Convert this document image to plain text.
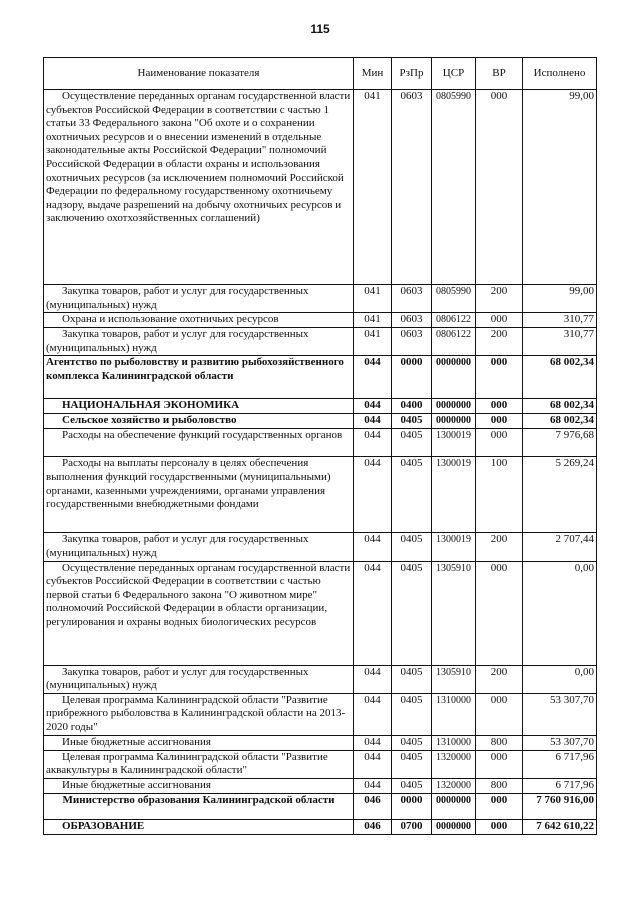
115
Наименование показателя	Мин	РзПр	ЦСР	ВР	Исполнено
Осуществление переданных органам государственной власти субъектов Российской Федерации в соответствии с частью 1 статьи 33 Федерального закона "Об охоте и о сохранении охотничьих ресурсов и о внесении изменений в отдельные законодательные акты Российской Федерации" полномочий Российской Федерации в области охраны и использования охотничьих ресурсов (за исключением полномочий Российской Федерации по федеральному государственному охотничьему надзору, выдаче разрешений на добычу охотничьих ресурсов и заключению охотхозяйственных соглашений)	041	0603	0805990	000	99,00
Закупка товаров, работ и услуг для государственных (муниципальных) нужд	041	0603	0805990	200	99,00
Охрана и использование охотничьих ресурсов	041	0603	0806122	000	310,77
Закупка товаров, работ и услуг для государственных (муниципальных) нужд	041	0603	0806122	200	310,77
Агентство по рыболовству и развитию рыбохозяйственного комплекса Калининградской области	044	0000	0000000	000	68 002,34
НАЦИОНАЛЬНАЯ ЭКОНОМИКА	044	0400	0000000	000	68 002,34
Сельское хозяйство и рыболовство	044	0405	0000000	000	68 002,34
Расходы на обеспечение функций государственных органов	044	0405	1300019	000	7 976,68
Расходы на выплаты персоналу в целях обеспечения выполнения функций государственными (муниципальными) органами, казенными учреждениями, органами управления государственными внебюджетными фондами	044	0405	1300019	100	5 269,24
Закупка товаров, работ и услуг для государственных (муниципальных) нужд	044	0405	1300019	200	2 707,44
Осуществление переданных органам государственной власти субъектов Российской Федерации в соответствии с частью первой статьи 6 Федерального закона "О животном мире" полномочий Российской Федерации в области организации, регулирования и охраны водных биологических ресурсов	044	0405	1305910	000	0,00
Закупка товаров, работ и услуг для государственных (муниципальных) нужд	044	0405	1305910	200	0,00
Целевая программа Калининградской области "Развитие прибрежного рыболовства в Калининградской области на 2013-2020 годы"	044	0405	1310000	000	53 307,70
Иные бюджетные ассигнования	044	0405	1310000	800	53 307,70
Целевая программа Калининградской области "Развитие аквакультуры в Калининградской области"	044	0405	1320000	000	6 717,96
Иные бюджетные ассигнования	044	0405	1320000	800	6 717,96
Министерство образования Калининградской области	046	0000	0000000	000	7 760 916,00
ОБРАЗОВАНИЕ	046	0700	0000000	000	7 642 610,22
